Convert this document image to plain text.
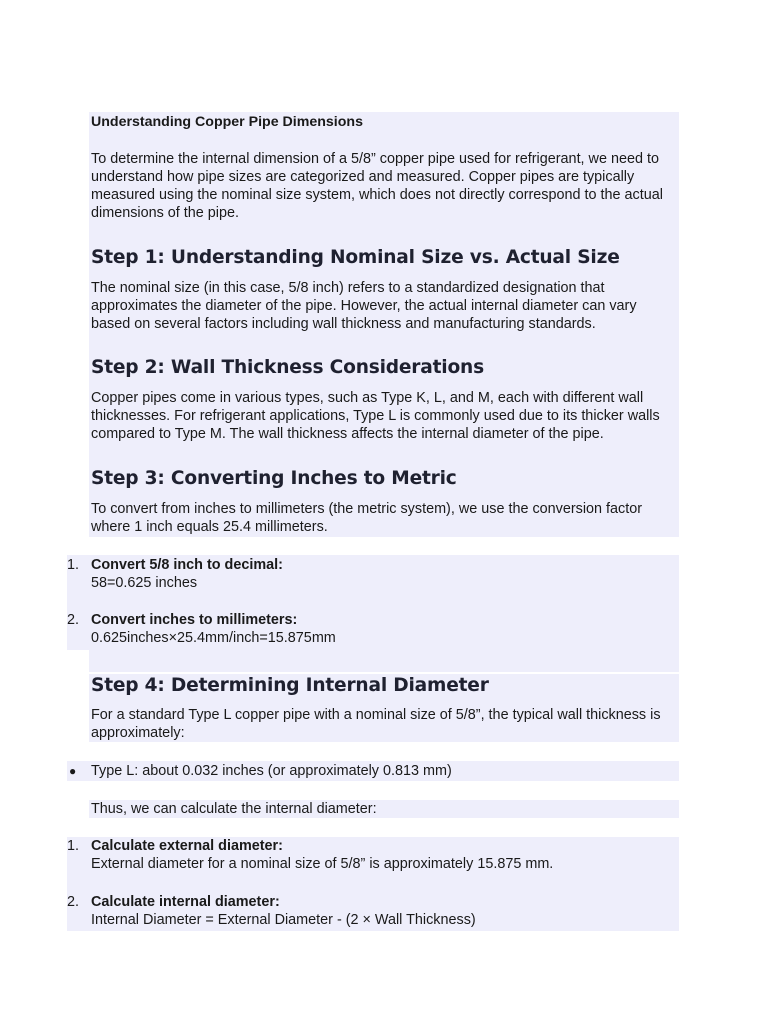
Understanding Copper Pipe Dimensions

To determine the internal dimension of a 5/8” copper pipe used for refrigerant, we need to understand how pipe sizes are categorized and measured. Copper pipes are typically measured using the nominal size system, which does not directly correspond to the actual dimensions of the pipe.

Step 1: Understanding Nominal Size vs. Actual Size

The nominal size (in this case, 5/8 inch) refers to a standardized designation that approximates the diameter of the pipe. However, the actual internal diameter can vary based on several factors including wall thickness and manufacturing standards.

Step 2: Wall Thickness Considerations

Copper pipes come in various types, such as Type K, L, and M, each with different wall thicknesses. For refrigerant applications, Type L is commonly used due to its thicker walls compared to Type M. The wall thickness affects the internal diameter of the pipe.

Step 3: Converting Inches to Metric

To convert from inches to millimeters (the metric system), we use the conversion factor where 1 inch equals 25.4 millimeters.

1. Convert 5/8 inch to decimal:
58=0.625 inches
2. Convert inches to millimeters:
0.625inches×25.4mm/inch=15.875mm
Step 4: Determining Internal Diameter

For a standard Type L copper pipe with a nominal size of 5/8”, the typical wall thickness is approximately:

● Type L: about 0.032 inches (or approximately 0.813 mm)
Thus, we can calculate the internal diameter:
1. Calculate external diameter:
External diameter for a nominal size of 5/8” is approximately 15.875 mm.
2. Calculate internal diameter:
Internal Diameter = External Diameter - (2 × Wall Thickness)
